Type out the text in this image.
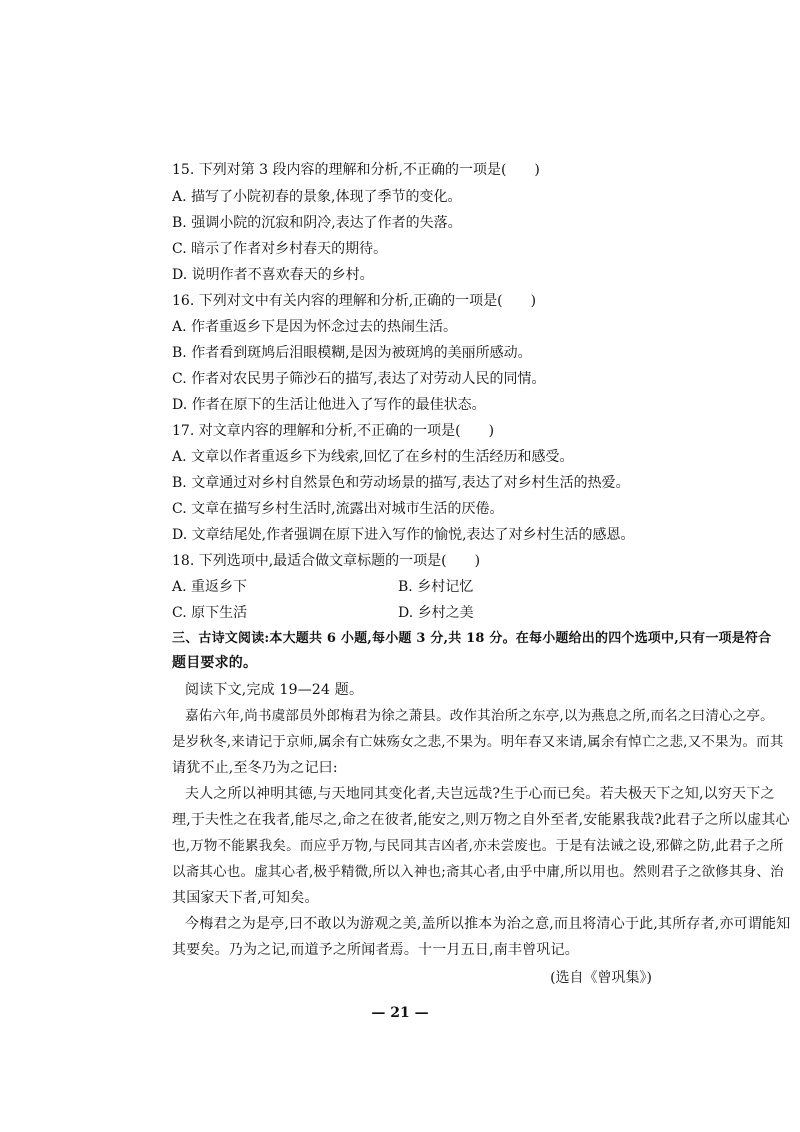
15. 下列对第 3 段内容的理解和分析,不正确的一项是(　　)
A. 描写了小院初春的景象,体现了季节的变化。
B. 强调小院的沉寂和阴冷,表达了作者的失落。
C. 暗示了作者对乡村春天的期待。
D. 说明作者不喜欢春天的乡村。
16. 下列对文中有关内容的理解和分析,正确的一项是(　　)
A. 作者重返乡下是因为怀念过去的热闹生活。
B. 作者看到斑鸠后泪眼模糊,是因为被斑鸠的美丽所感动。
C. 作者对农民男子筛沙石的描写,表达了对劳动人民的同情。
D. 作者在原下的生活让他进入了写作的最佳状态。
17. 对文章内容的理解和分析,不正确的一项是(　　)
A. 文章以作者重返乡下为线索,回忆了在乡村的生活经历和感受。
B. 文章通过对乡村自然景色和劳动场景的描写,表达了对乡村生活的热爱。
C. 文章在描写乡村生活时,流露出对城市生活的厌倦。
D. 文章结尾处,作者强调在原下进入写作的愉悦,表达了对乡村生活的感恩。
18. 下列选项中,最适合做文章标题的一项是(　　)
A. 重返乡下	B. 乡村记忆
C. 原下生活	D. 乡村之美
三、古诗文阅读:本大题共 6 小题,每小题 3 分,共 18 分。在每小题给出的四个选项中,只有一项是符合
题目要求的。
阅读下文,完成 19—24 题。
嘉佑六年,尚书虞部员外郎梅君为徐之萧县。改作其治所之东亭,以为燕息之所,而名之曰清心之亭。
是岁秋冬,来请记于京师,属余有亡妹殇女之悲,不果为。明年春又来请,属余有悼亡之悲,又不果为。而其
请犹不止,至冬乃为之记曰:
夫人之所以神明其德,与天地同其变化者,夫岂远哉?生于心而已矣。若夫极天下之知,以穷天下之
理,于夫性之在我者,能尽之,命之在彼者,能安之,则万物之自外至者,安能累我哉?此君子之所以虚其心
也,万物不能累我矣。而应乎万物,与民同其吉凶者,亦未尝废也。于是有法诫之设,邪僻之防,此君子之所
以斋其心也。虚其心者,极乎精微,所以入神也;斋其心者,由乎中庸,所以用也。然则君子之欲修其身、治
其国家天下者,可知矣。
今梅君之为是亭,曰不敢以为游观之美,盖所以推本为治之意,而且将清心于此,其所存者,亦可谓能知
其要矣。乃为之记,而道予之所闻者焉。十一月五日,南丰曾巩记。
(选自《曾巩集》)
— 21 —
